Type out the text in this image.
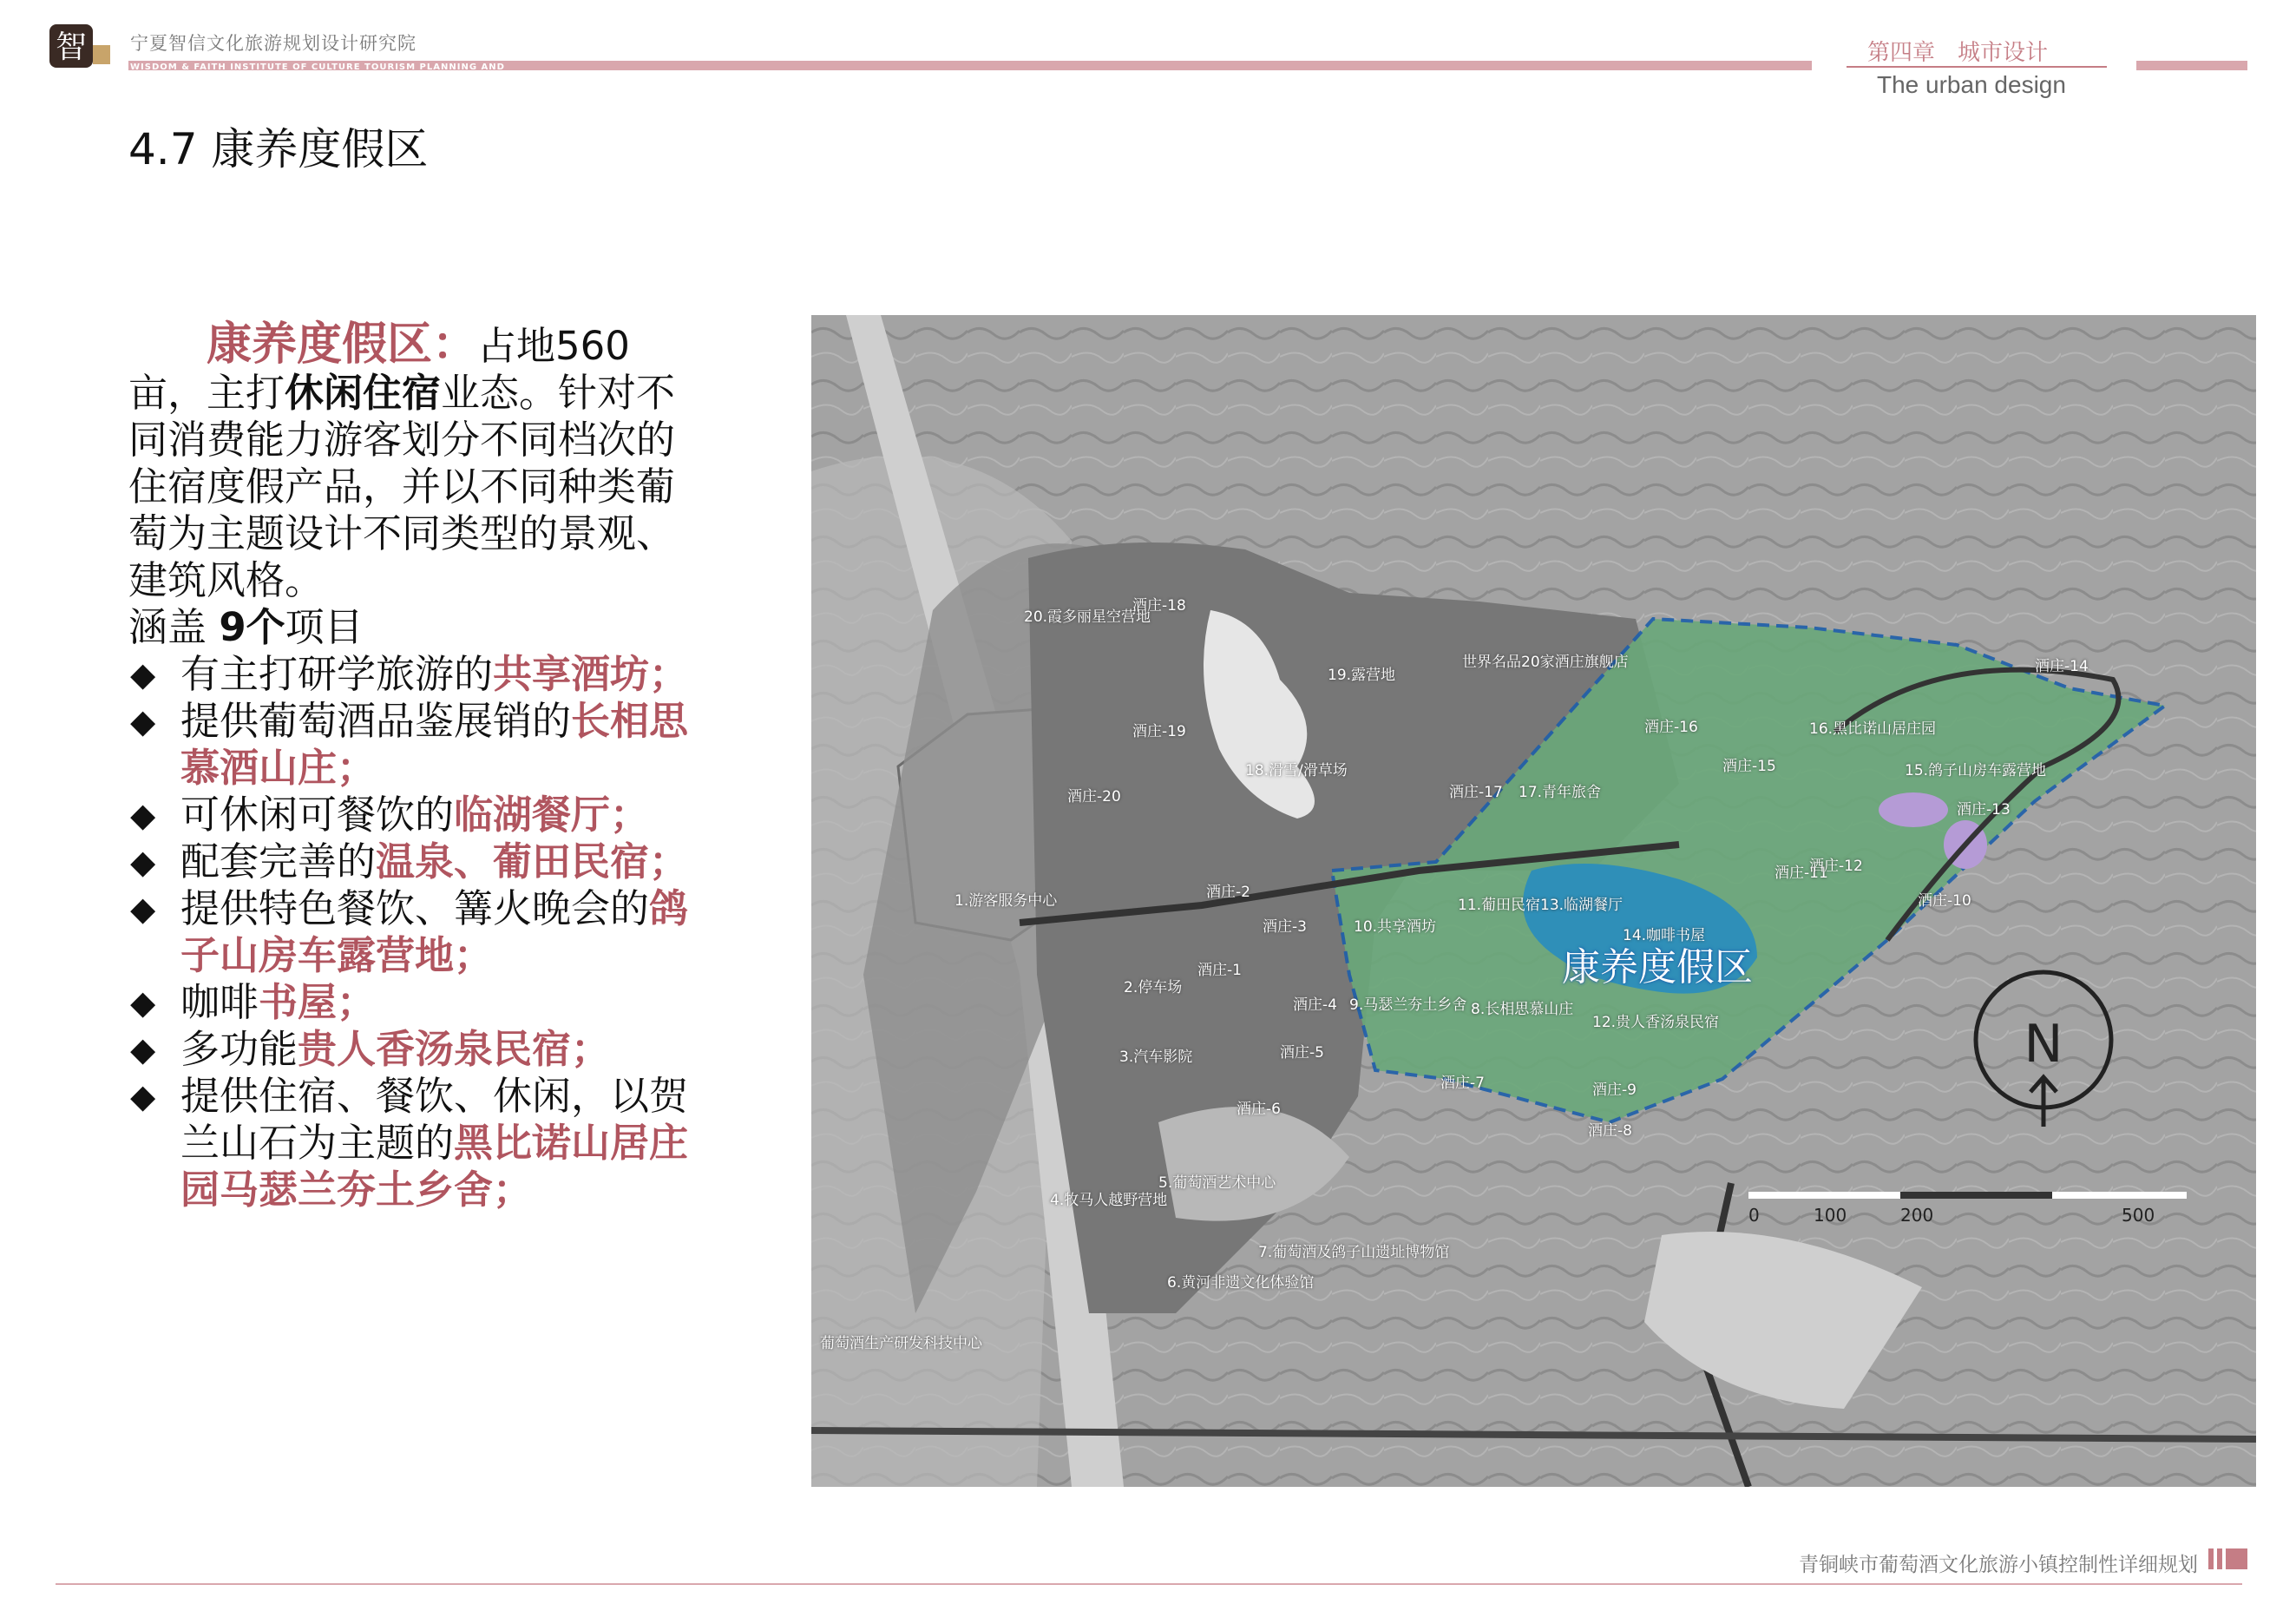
智 宁夏智信文化旅游规划设计研究院
WISDOM & FAITH INSTITUTE OF CULTURE TOURISM PLANNING AND
第四章　城市设计
The urban design
4.7 康养度假区

康养度假区：占地560亩，主打休闲住宿业态。针对不同消费能力游客划分不同档次的住宿度假产品，并以不同种类葡萄为主题设计不同类型的景观、建筑风格。

涵盖 9个项目

◆ 有主打研学旅游的共享酒坊；
◆ 提供葡萄酒品鉴展销的长相思慕酒山庄；
◆ 可休闲可餐饮的临湖餐厅；
◆ 配套完善的温泉、葡田民宿；
◆ 提供特色餐饮、篝火晚会的鸽子山房车露营地；
◆ 咖啡书屋；
◆ 多功能贵人香汤泉民宿；
◆ 提供住宿、餐饮、休闲，以贺兰山石为主题的黑比诺山居庄园马瑟兰夯土乡舍；
N
20.霞多丽星空营地
酒庄-18
19.露营地
世界名品20家酒庄旗舰店
酒庄-19
18.滑雪/滑草场
酒庄-20	酒庄-17 17.青年旅舍
1.游客服务中心	酒庄-2
酒庄-3
酒庄-1
2.停车场
酒庄-4
3.汽车影院	酒庄-5
酒庄-6
5.葡萄酒艺术中心
4.牧马人越野营地
7.葡萄酒及鸽子山遗址博物馆
6.黄河非遗文化体验馆
葡萄酒生产研发科技中心
10.共享酒坊
11.葡田民宿 13.临湖餐厅
14.咖啡书屋
9.马瑟兰夯土乡舍 8.长相思慕山庄
12.贵人香汤泉民宿
酒庄-7	酒庄-9
酒庄-8
酒庄-16
酒庄-15
16.黑比诺山居庄园
15.鸽子山房车露营地
酒庄-14
酒庄-13
酒庄-11
酒庄-12
酒庄-10
康养度假区
0	100	200	500
青铜峡市葡萄酒文化旅游小镇控制性详细规划
